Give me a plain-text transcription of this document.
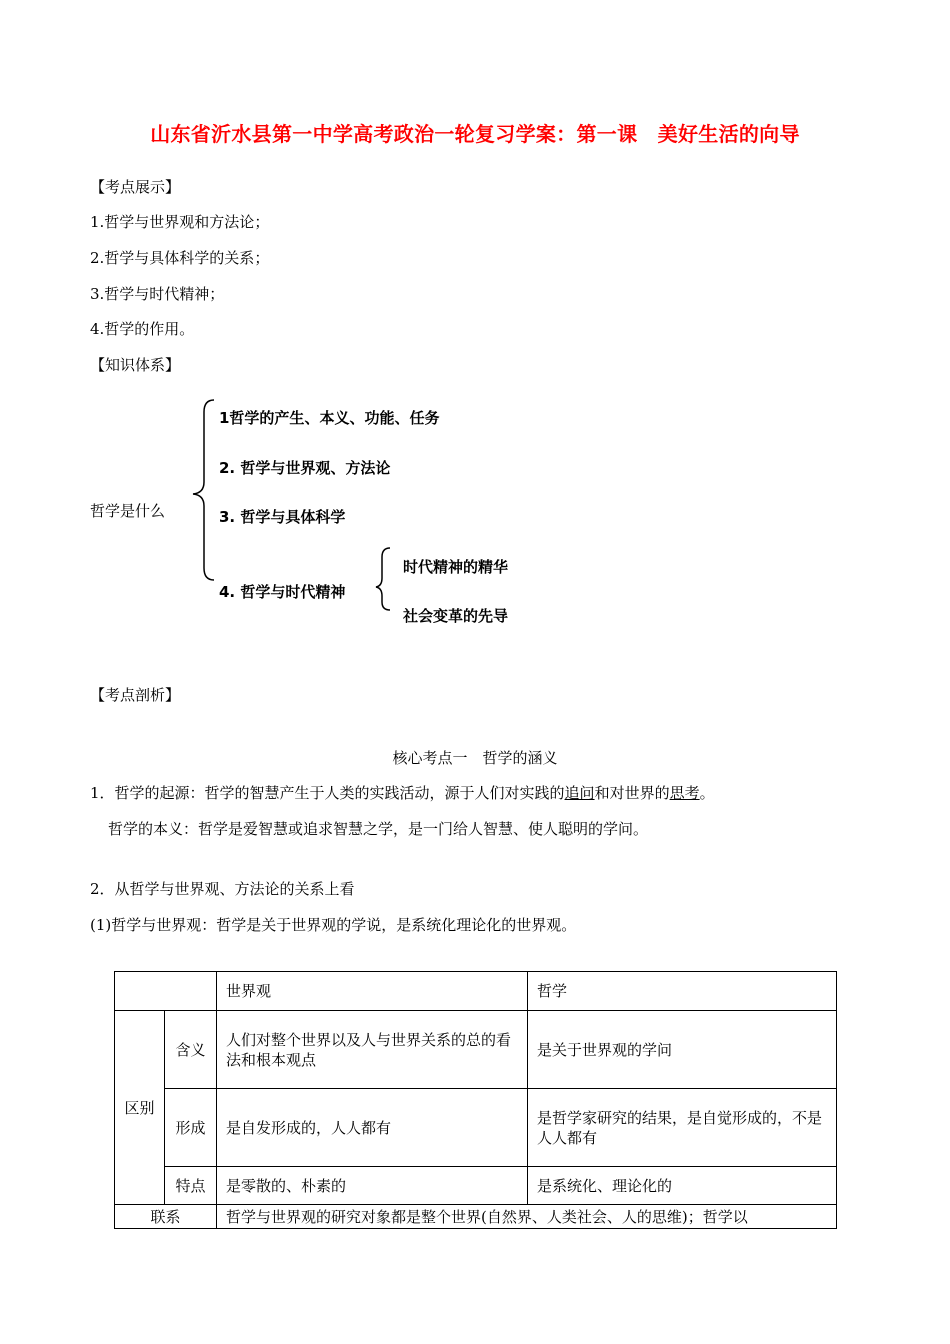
山东省沂水县第一中学高考政治一轮复习学案：第一课　美好生活的向导
【考点展示】
1.哲学与世界观和方法论；
2.哲学与具体科学的关系；
3.哲学与时代精神；
4.哲学的作用。
【知识体系】
哲学是什么
1哲学的产生、本义、功能、任务
2. 哲学与世界观、方法论
3. 哲学与具体科学
4. 哲学与时代精神
时代精神的精华
社会变革的先导
【考点剖析】
核心考点一　哲学的涵义
1．哲学的起源：哲学的智慧产生于人类的实践活动，源于人们对实践的追问和对世界的思考。
哲学的本义：哲学是爱智慧或追求智慧之学，是一门给人智慧、使人聪明的学问。
2．从哲学与世界观、方法论的关系上看
(1)哲学与世界观：哲学是关于世界观的学说，是系统化理论化的世界观。
		世界观	哲学
区别	含义	人们对整个世界以及人与世界关系的总的看法和根本观点	是关于世界观的学问
	形成	是自发形成的，人人都有	是哲学家研究的结果，是自觉形成的，不是人人都有
	特点	是零散的、朴素的	是系统化、理论化的
联系		哲学与世界观的研究对象都是整个世界(自然界、人类社会、人的思维)；哲学以	
